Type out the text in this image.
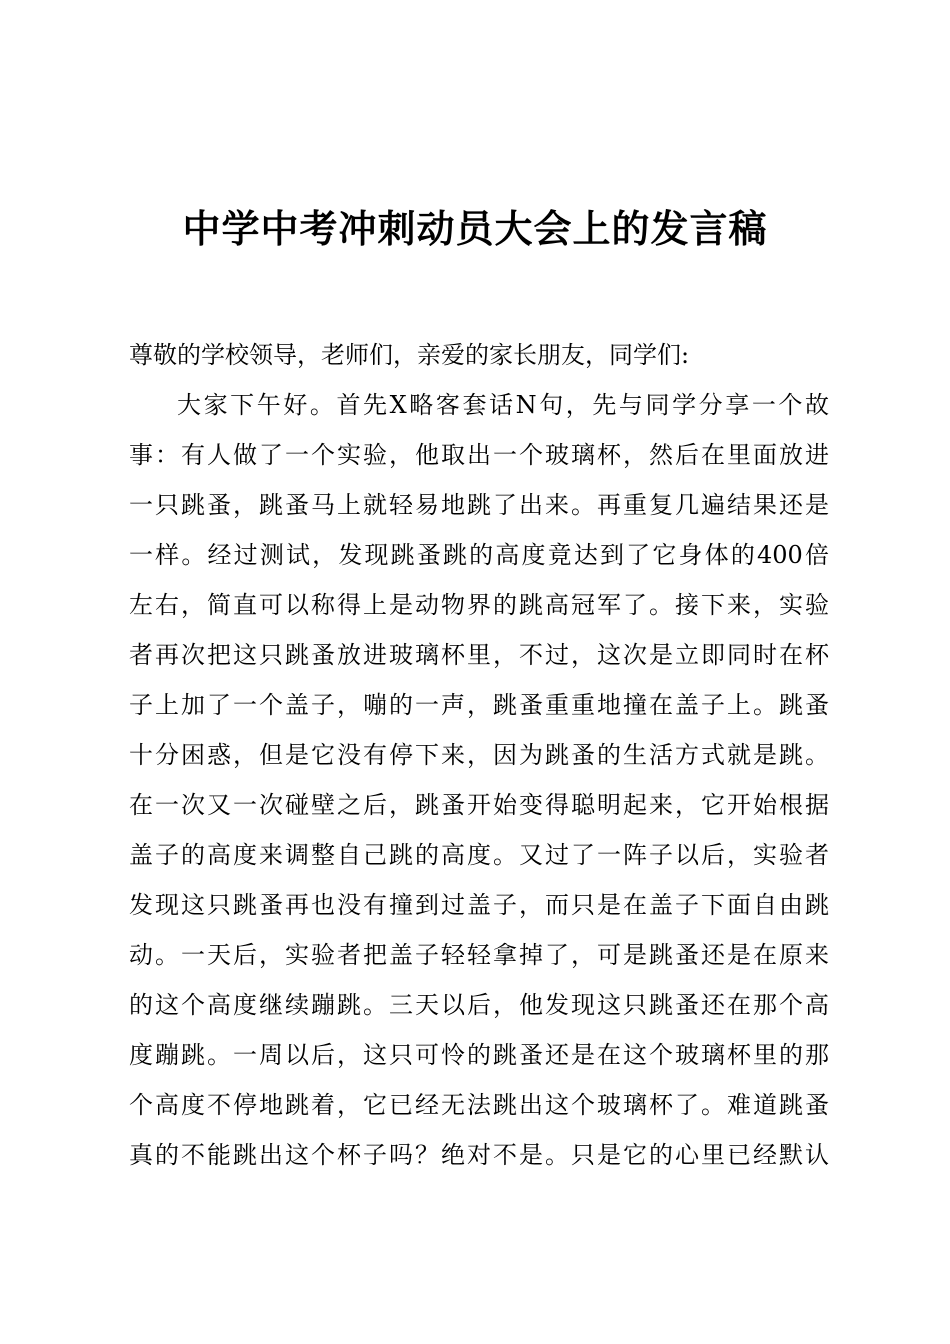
中学中考冲刺动员大会上的发言稿
尊敬的学校领导，老师们，亲爱的家长朋友，同学们:
大家下午好。首先X略客套话N句，先与同学分享一个故
事：有人做了一个实验，他取出一个玻璃杯，然后在里面放进
一只跳蚤，跳蚤马上就轻易地跳了出来。再重复几遍结果还是
一样。经过测试，发现跳蚤跳的高度竟达到了它身体的400倍
左右，简直可以称得上是动物界的跳高冠军了。接下来，实验
者再次把这只跳蚤放进玻璃杯里，不过，这次是立即同时在杯
子上加了一个盖子，嘣的一声，跳蚤重重地撞在盖子上。跳蚤
十分困惑，但是它没有停下来，因为跳蚤的生活方式就是跳。
在一次又一次碰壁之后，跳蚤开始变得聪明起来，它开始根据
盖子的高度来调整自己跳的高度。又过了一阵子以后，实验者
发现这只跳蚤再也没有撞到过盖子，而只是在盖子下面自由跳
动。一天后，实验者把盖子轻轻拿掉了，可是跳蚤还是在原来
的这个高度继续蹦跳。三天以后，他发现这只跳蚤还在那个高
度蹦跳。一周以后，这只可怜的跳蚤还是在这个玻璃杯里的那
个高度不停地跳着，它已经无法跳出这个玻璃杯了。难道跳蚤
真的不能跳出这个杯子吗？绝对不是。只是它的心里已经默认
